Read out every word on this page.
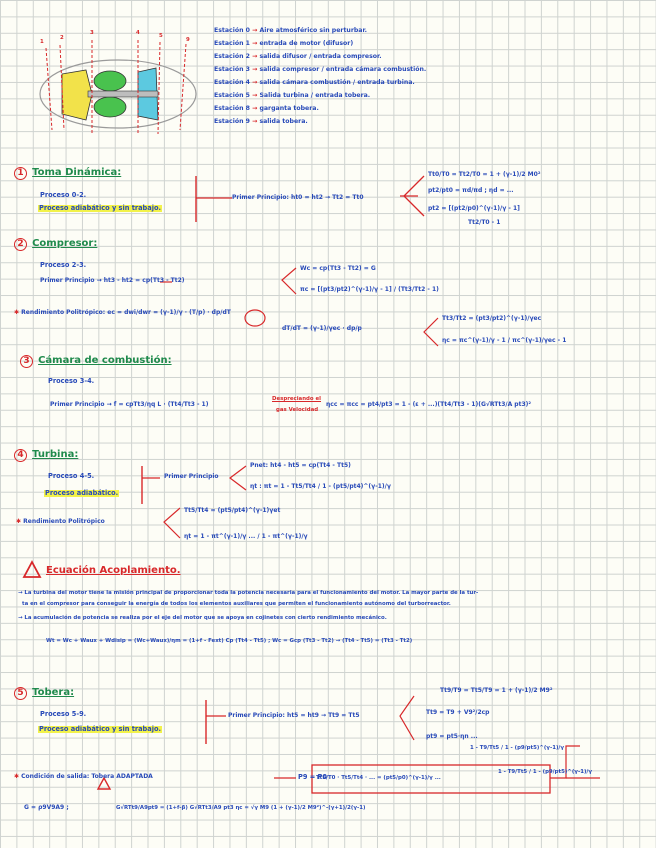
1
2
3	4	5
9
Estación 0 → Aire atmosférico sin perturbar.
Estación 1 → entrada de motor (difusor)
Estación 2 → salida difusor / entrada compresor.
Estación 3 → salida compresor / entrada cámara combustión.
Estación 4 → salida cámara combustión / entrada turbina.
Estación 5 → Salida turbina / entrada tobera.
Estación 8 → garganta tobera.
Estación 9 → salida tobera.
1 Toma Dinámica:
Proceso 0-2.
Proceso adiabático y sin trabajo.
Primer Principio: ht0 = ht2 → Tt2 = Tt0
Tt0/T0 = Tt2/T0 = 1 + (γ-1)/2 M0²
pt2/pt0 = πd/πd ; ηd = ...
pt2 = [(pt2/p0)^(γ-1)/γ - 1]
Tt2/T0 - 1
2 Compresor:
Proceso 2-3.
Primer Principio → ht3 - ht2 = cp(Tt3 - Tt2)
Wc = cp(Tt3 - Tt2) = G
πc = [(pt3/pt2)^(γ-1)/γ - 1] / (Tt3/Tt2 - 1)
✱ Rendimiento Politrópico: ec = dwi/dwr = (γ-1)/γ · (T/p) · dp/dT
dT/dT = (γ-1)/γec · dp/p
Tt3/Tt2 = (pt3/pt2)^(γ-1)/γec
ηc = πc^(γ-1)/γ - 1 / πc^(γ-1)/γec - 1
3 Cámara de combustión:
Proceso 3-4.
Primer Principio → f = cpTt3/ηq L · (Tt4/Tt3 - 1)
Despreciando el
gas Velocidad
ηcc = πcc = pt4/pt3 = 1 - (ε + ...)(Tt4/Tt3 - 1)(G√RTt3/A pt3)²
4 Turbina:
Proceso 4-5.
Proceso adiabático.
Primer Principio
Pnet: ht4 - ht5 = cp(Tt4 - Tt5)
ηt : πt = 1 - Tt5/Tt4 / 1 - (pt5/pt4)^(γ-1)/γ
✱ Rendimiento Politrópico
Tt5/Tt4 = (pt5/pt4)^(γ-1)γet
ηt = 1 - πt^(γ-1)/γ ... / 1 - πt^(γ-1)/γ
Ecuación Acoplamiento.
→ La turbina del motor tiene la misión principal de proporcionar toda la potencia necesaria para el funcionamiento del motor. La mayor parte de la tur-
ta en el compresor para conseguir la energía de todos los elementos auxiliares que permiten el funcionamiento autónomo del turborreactor.
→ La acumulación de potencia se realiza por el eje del motor que se apoya en cojinetes con cierto rendimiento mecánico.
Wt = Wc + Waux + Wdisip = (Wc+Waux)/ηm = (1+f - Fext) Cp (Tt4 - Tt5) ; Wc = Gcp (Tt3 - Tt2) → (Tt4 - Tt5) = (Tt3 - Tt2)
5 Tobera:
Proceso 5-9.
Proceso adiabático y sin trabajo.
Primer Principio: ht5 = ht9 → Tt9 = Tt5
Tt9/T9 = Tt5/T9 = 1 + (γ-1)/2 M9²
Tt9 = T9 + V9²/2cp
pt9 = pt5·ηn ...
1 - T9/Tt5 / 1 - (p9/pt5)^(γ-1)/γ
✱ Condición de salida: Tobera ADAPTADA	P9 = P0
Tt5/T0 · Tt5/Tt4 · ... = (pt5/p0)^(γ-1)/γ ...
1 - T9/Tt5 / 1 - (p9/pt5)^(γ-1)/γ
G = ρ9V9A9 ;	G√RTt9/A9pt9 = (1+f-β) G√RTt3/A9 pt3 ηc = √γ M9 (1 + (γ-1)/2 M9²)^-(γ+1)/2(γ-1)
